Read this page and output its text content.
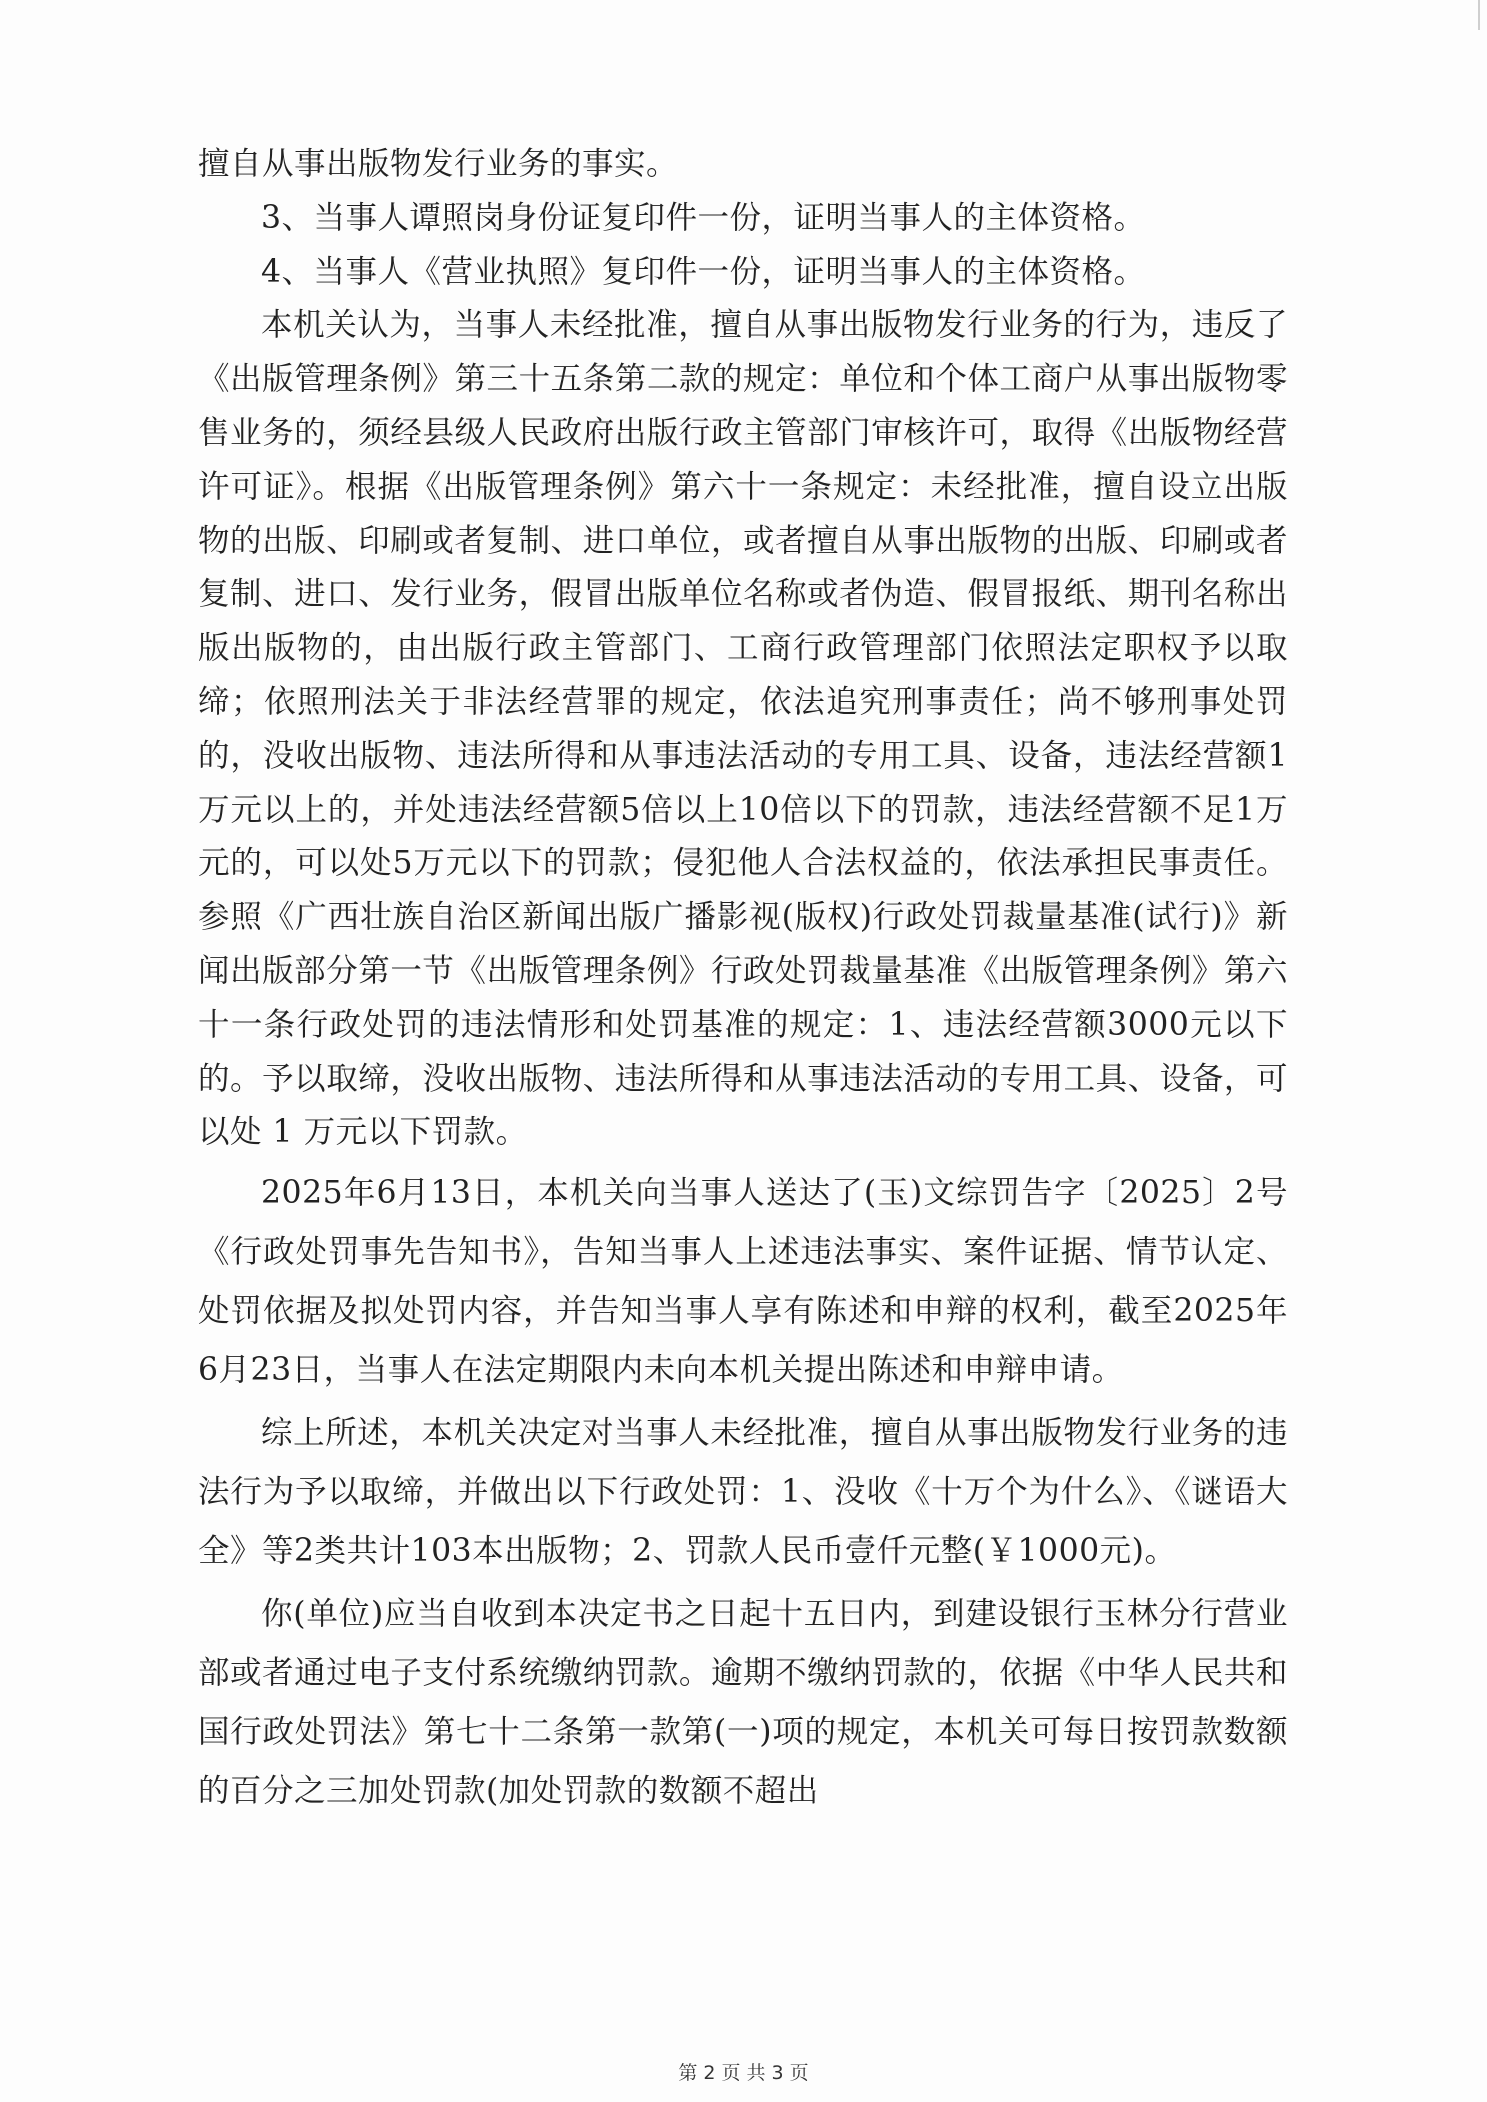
擅自从事出版物发行业务的事实。

3、当事人谭照岗身份证复印件一份，证明当事人的主体资格。

4、当事人《营业执照》复印件一份，证明当事人的主体资格。

本机关认为，当事人未经批准，擅自从事出版物发行业务的行为，违反了《出版管理条例》第三十五条第二款的规定：单位和个体工商户从事出版物零售业务的，须经县级人民政府出版行政主管部门审核许可，取得《出版物经营许可证》。根据《出版管理条例》第六十一条规定：未经批准，擅自设立出版物的出版、印刷或者复制、进口单位，或者擅自从事出版物的出版、印刷或者复制、进口、发行业务，假冒出版单位名称或者伪造、假冒报纸、期刊名称出版出版物的，由出版行政主管部门、工商行政管理部门依照法定职权予以取缔；依照刑法关于非法经营罪的规定，依法追究刑事责任；尚不够刑事处罚的，没收出版物、违法所得和从事违法活动的专用工具、设备，违法经营额1万元以上的，并处违法经营额5倍以上10倍以下的罚款，违法经营额不足1万元的，可以处5万元以下的罚款；侵犯他人合法权益的，依法承担民事责任。参照《广西壮族自治区新闻出版广播影视(版权)行政处罚裁量基准(试行)》新闻出版部分第一节《出版管理条例》行政处罚裁量基准《出版管理条例》第六十一条行政处罚的违法情形和处罚基准的规定：1、违法经营额3000元以下的。予以取缔，没收出版物、违法所得和从事违法活动的专用工具、设备，可以处 1 万元以下罚款。

2025年6月13日，本机关向当事人送达了(玉)文综罚告字〔2025〕2号《行政处罚事先告知书》，告知当事人上述违法事实、案件证据、情节认定、处罚依据及拟处罚内容，并告知当事人享有陈述和申辩的权利，截至2025年6月23日，当事人在法定期限内未向本机关提出陈述和申辩申请。

综上所述，本机关决定对当事人未经批准，擅自从事出版物发行业务的违法行为予以取缔，并做出以下行政处罚：1、没收《十万个为什么》、《谜语大全》等2类共计103本出版物；2、罚款人民币壹仟元整(￥1000元)。

你(单位)应当自收到本决定书之日起十五日内，到建设银行玉林分行营业部或者通过电子支付系统缴纳罚款。逾期不缴纳罚款的，依据《中华人民共和国行政处罚法》第七十二条第一款第(一)项的规定，本机关可每日按罚款数额的百分之三加处罚款(加处罚款的数额不超出

第 2 页 共 3 页
